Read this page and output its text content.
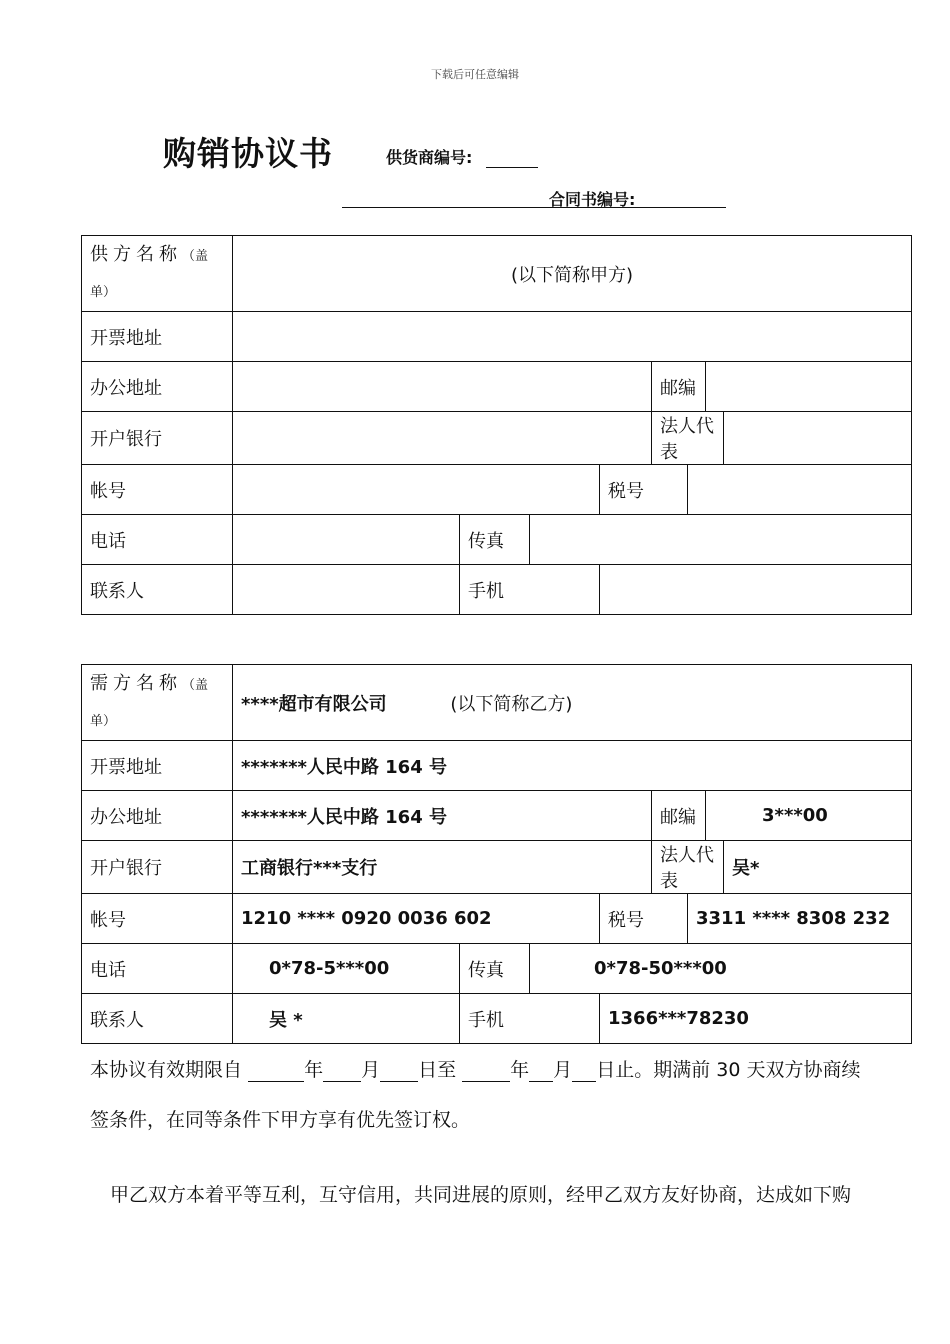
下载后可任意编辑
购销协议书	供货商编号:
合同书编号:
供方名称（盖单）	(以下简称甲方)							
开票地址								
办公地址					邮编			
开户银行					法人代表			
帐号				税号				
电话		传真						
联系人		手机						
需方名称（盖单）	****超市有限公司 (以下简称乙方)							
开票地址	*******人民中路 164 号							
办公地址	*******人民中路 164 号				邮编		3***00	
开户银行	工商银行***支行				法人代表			吴*
帐号	1210 **** 0920 0036 602			税号		3311 **** 8308 232		
电话	0*78-5***00	传真	0*78-50***00					
联系人	吴 *	手机		1366***78230				
本协议有效期限自	年 月 日至	年 月 日止。期满前 30 天双方协商续
签条件，在同等条件下甲方享有优先签订权。
甲乙双方本着平等互利，互守信用，共同进展的原则，经甲乙双方友好协商，达成如下购
